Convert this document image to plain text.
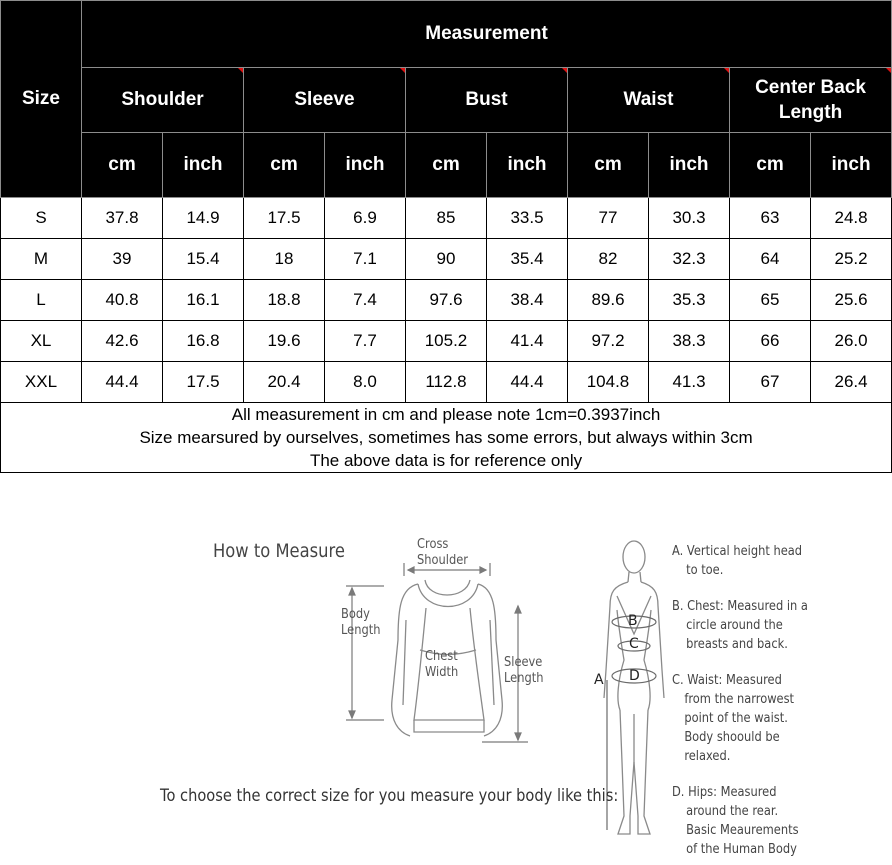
Size	Measurement									
	Shoulder		Sleeve		Bust		Waist		Center Back
Length	

	cm	inch	cm	inch	cm	inch	cm	inch	cm	inch
S	37.8	14.9	17.5	6.9	85	33.5	77	30.3	63	24.8
M	39	15.4	18	7.1	90	35.4	82	32.3	64	25.2
L	40.8	16.1	18.8	7.4	97.6	38.4	89.6	35.3	65	25.6
XL	42.6	16.8	19.6	7.7	105.2	41.4	97.2	38.3	66	26.0
XXL	44.4	17.5	20.4	8.0	112.8	44.4	104.8	41.3	67	26.4

All measurement in cm and please note 1cm=0.3937inch
Size mearsured by ourselves, sometimes has some errors, but always within 3cm
The above data is for reference only										
How to Measure	Cross
Shoulder
Body
Length
Chest
Width
Sleeve
Length	A
B
C
D
A. Vertical height head
to toe.
B. Chest: Measured in a
circle around the
breasts and back.
C. Waist: Measured
from the narrowest
point of the waist.
Body shoould be
relaxed.
D. Hips: Measured
around the rear.
Basic Meaurements
of the Human Body
To choose the correct size for you measure your body like this:
